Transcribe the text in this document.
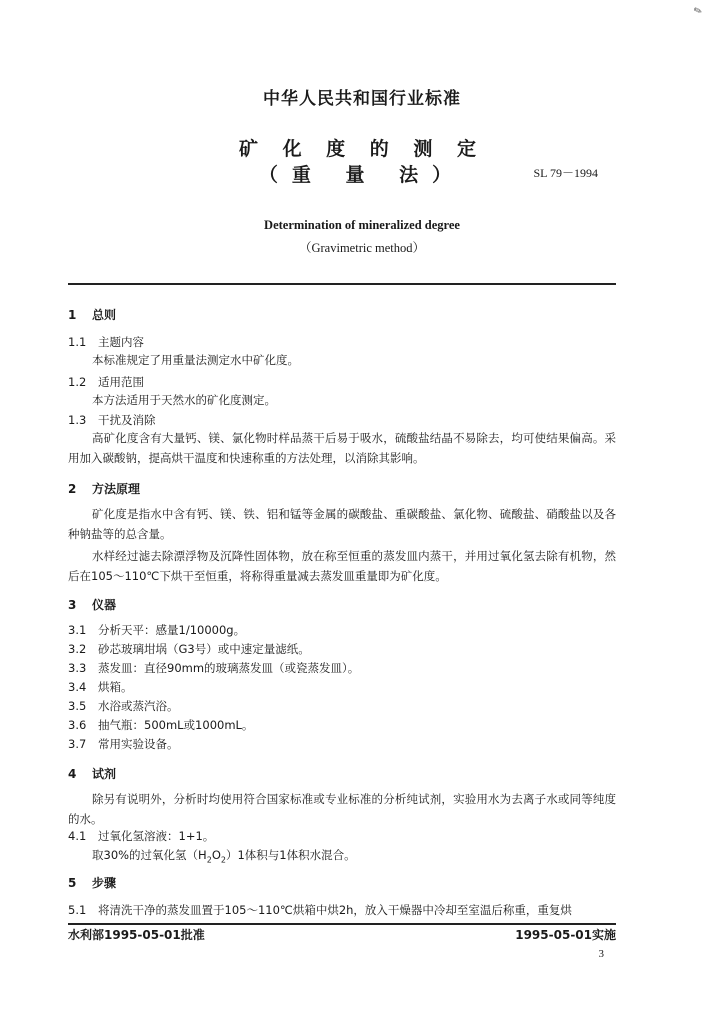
✎
中华人民共和国行业标准
矿 化 度 的 测 定
（重 量 法）	SL 79－1994
Determination of mineralized degree
（Gravimetric method）
1 总则
1.1 主题内容
本标准规定了用重量法测定水中矿化度。
1.2 适用范围
本方法适用于天然水的矿化度测定。
1.3 干扰及消除
高矿化度含有大量钙、镁、氯化物时样品蒸干后易于吸水，硫酸盐结晶不易除去，均可使结果偏高。采用加入碳酸钠，提高烘干温度和快速称重的方法处理，以消除其影响。
2 方法原理
矿化度是指水中含有钙、镁、铁、铝和锰等金属的碳酸盐、重碳酸盐、氯化物、硫酸盐、硝酸盐以及各种钠盐等的总含量。
水样经过滤去除漂浮物及沉降性固体物，放在称至恒重的蒸发皿内蒸干，并用过氧化氢去除有机物，然后在105～110℃下烘干至恒重，将称得重量减去蒸发皿重量即为矿化度。
3 仪器
3.1 分析天平：感量1/10000g。
3.2 砂芯玻璃坩埚（G3号）或中速定量滤纸。
3.3 蒸发皿：直径90mm的玻璃蒸发皿（或瓷蒸发皿）。
3.4 烘箱。
3.5 水浴或蒸汽浴。
3.6 抽气瓶：500mL或1000mL。
3.7 常用实验设备。
4 试剂
除另有说明外，分析时均使用符合国家标准或专业标准的分析纯试剂，实验用水为去离子水或同等纯度的水。
4.1 过氧化氢溶液：1+1。
取30%的过氧化氢$(H_2O_2)1$体积与1体积水混合。
5 步骤
5.1 将清洗干净的蒸发皿置于105～110℃烘箱中烘2h，放入干燥器中冷却至室温后称重，重复烘
水利部1995-05-01批准	1995-05-01实施
3
